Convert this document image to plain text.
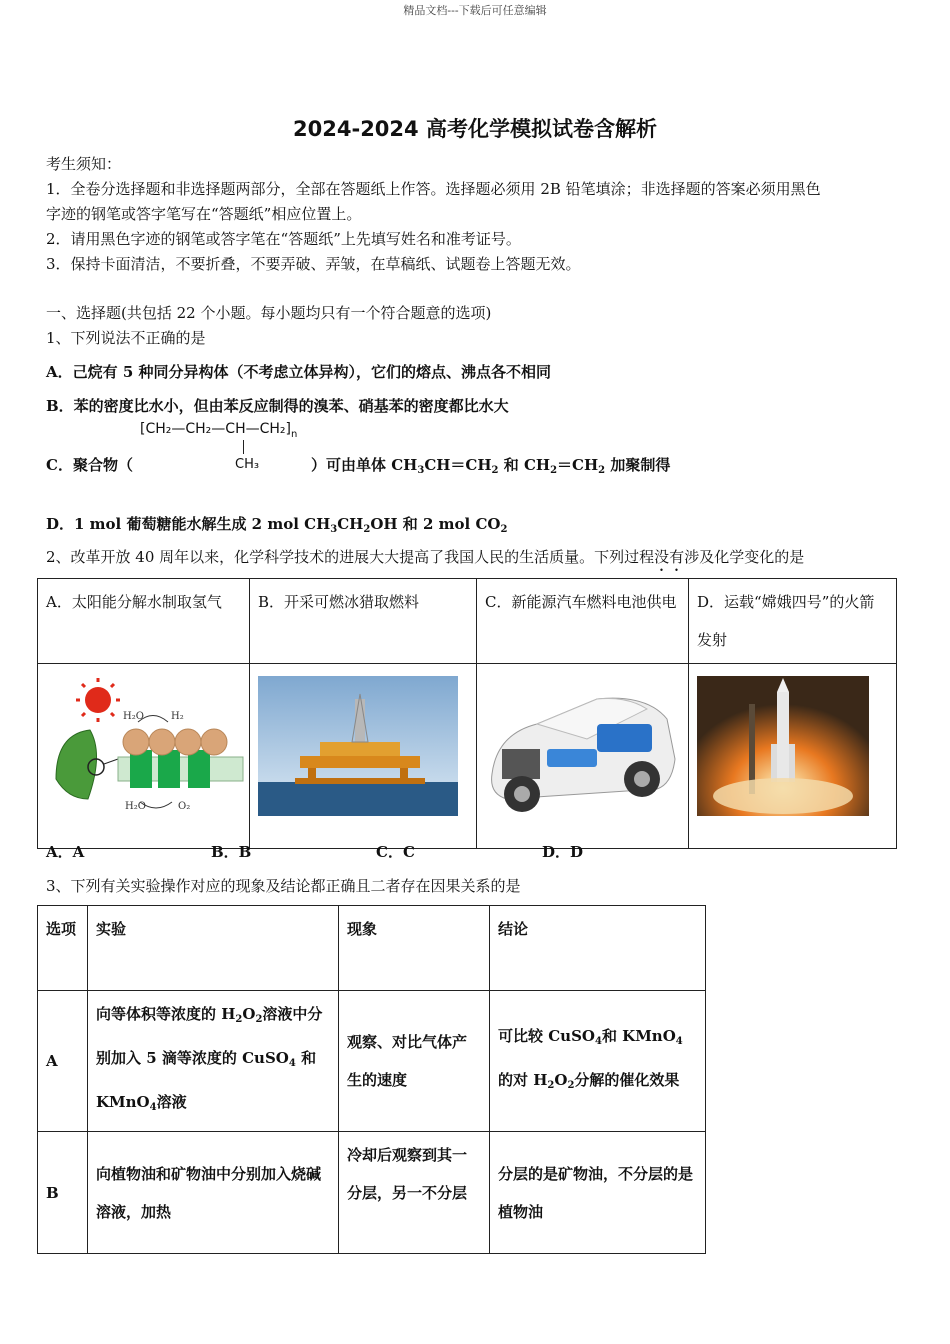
精品文档---下载后可任意编辑
2024-2024 高考化学模拟试卷含解析
考生须知：
1．全卷分选择题和非选择题两部分，全部在答题纸上作答。选择题必须用 2B 铅笔填涂；非选择题的答案必须用黑色
字迹的钢笔或答字笔写在“答题纸”相应位置上。
2．请用黑色字迹的钢笔或答字笔在“答题纸”上先填写姓名和准考证号。
3．保持卡面清洁，不要折叠，不要弄破、弄皱，在草稿纸、试题卷上答题无效。
一、选择题(共包括 22 个小题。每小题均只有一个符合题意的选项)
1、下列说法不正确的是
A．己烷有 5 种同分异构体（不考虑立体异构），它们的熔点、沸点各不相同
B．苯的密度比水小，但由苯反应制得的溴苯、硝基苯的密度都比水大
$[CH_2—CH_2—CH—CH_2]_n$
CH₃
C．聚合物（	）可由单体 $CH_3CH=CH_2$ 和 $CH_2=CH_2$ 加聚制得
D．1 mol 葡萄糖能水解生成 2 mol $CH_3CH_2OH$ 和 2 mol $CO_2$
2、改革开放 40 周年以来，化学科学技术的进展大大提高了我国人民的生活质量。下列过程没有涉及化学变化的是
A．太阳能分解水制取氢气	B．开采可燃冰猎取燃料	C．新能源汽车燃料电池供电	D．运载“嫦娥四号”的火箭发射

H₂O H₂
H₂O O₂

A．A	B．B	C．C	D．D
3、下列有关实验操作对应的现象及结论都正确且二者存在因果关系的是
选项	实验	现象	结论
A	向等体积等浓度的 $H_2O_2$溶液中分别加入 5 滴等浓度的 CuSO$_4$ 和 KMnO$_4$溶液	观察、对比气体产生的速度	可比较 CuSO$_4$和 KMnO$_4$的对 $H_2O_2$分解的催化效果
B	向植物油和矿物油中分别加入烧碱溶液，加热	冷却后观察到其一分层，另一不分层	分层的是矿物油，不分层的是植物油
